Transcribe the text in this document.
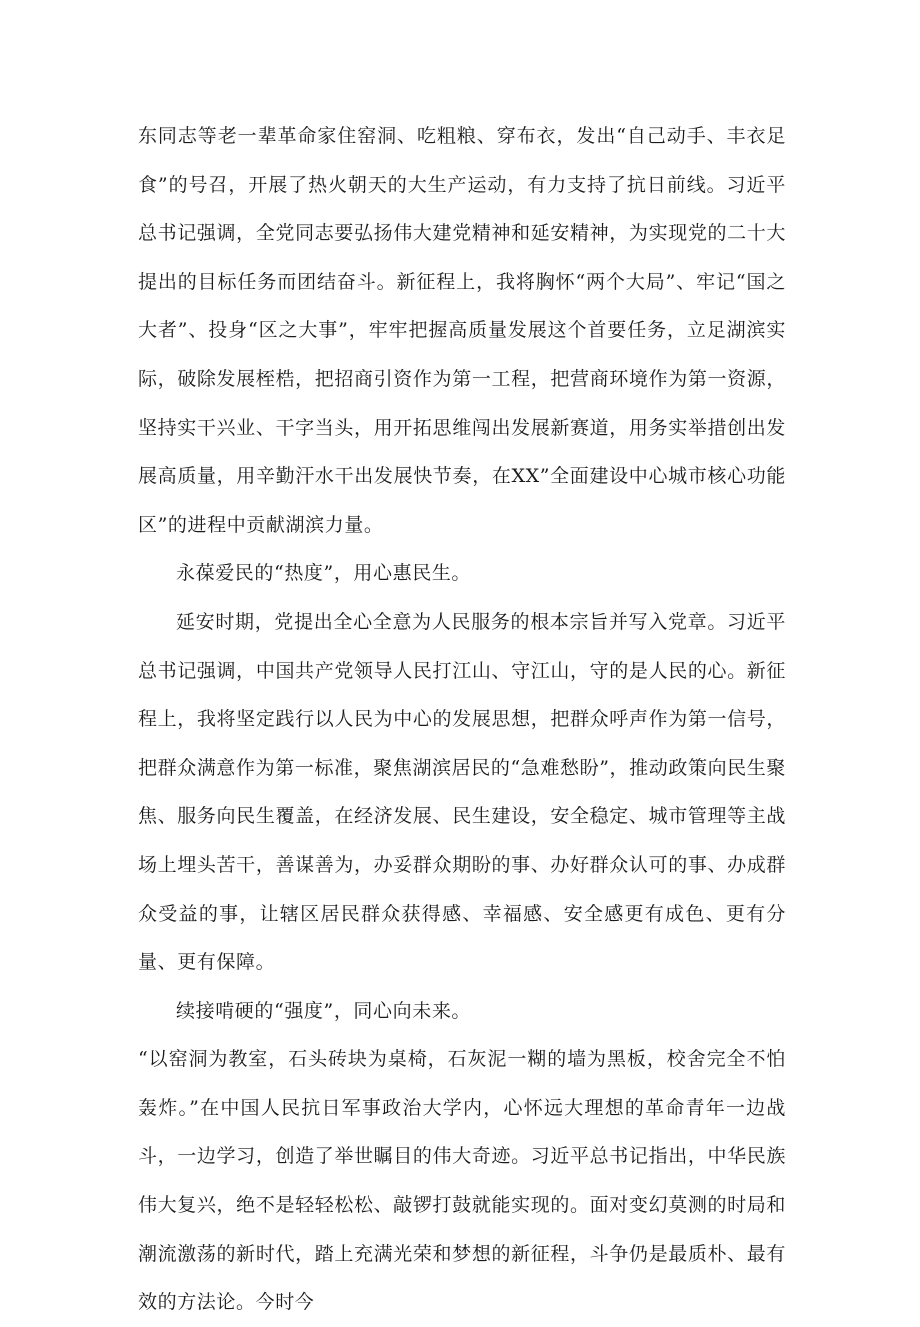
东同志等老一辈革命家住窑洞、吃粗粮、穿布衣，发出“自己动手、丰衣足食”的号召，开展了热火朝天的大生产运动，有力支持了抗日前线。习近平总书记强调，全党同志要弘扬伟大建党精神和延安精神，为实现党的二十大提出的目标任务而团结奋斗。新征程上，我将胸怀“两个大局”、牢记“国之大者”、投身“区之大事”，牢牢把握高质量发展这个首要任务，立足湖滨实际，破除发展桎梏，把招商引资作为第一工程，把营商环境作为第一资源，坚持实干兴业、干字当头，用开拓思维闯出发展新赛道，用务实举措创出发展高质量，用辛勤汗水干出发展快节奏，在XX”全面建设中心城市核心功能区”的进程中贡献湖滨力量。

永葆爱民的“热度”，用心惠民生。

延安时期，党提出全心全意为人民服务的根本宗旨并写入党章。习近平总书记强调，中国共产党领导人民打江山、守江山，守的是人民的心。新征程上，我将坚定践行以人民为中心的发展思想，把群众呼声作为第一信号，把群众满意作为第一标准，聚焦湖滨居民的“急难愁盼”，推动政策向民生聚焦、服务向民生覆盖，在经济发展、民生建设，安全稳定、城市管理等主战场上埋头苦干，善谋善为，办妥群众期盼的事、办好群众认可的事、办成群众受益的事，让辖区居民群众获得感、幸福感、安全感更有成色、更有分量、更有保障。

续接啃硬的“强度”，同心向未来。

“以窑洞为教室，石头砖块为桌椅，石灰泥一糊的墙为黑板，校舍完全不怕轰炸。”在中国人民抗日军事政治大学内，心怀远大理想的革命青年一边战斗，一边学习，创造了举世瞩目的伟大奇迹。习近平总书记指出，中华民族伟大复兴，绝不是轻轻松松、敲锣打鼓就能实现的。面对变幻莫测的时局和潮流激荡的新时代，踏上充满光荣和梦想的新征程，斗争仍是最质朴、最有效的方法论。今时今
